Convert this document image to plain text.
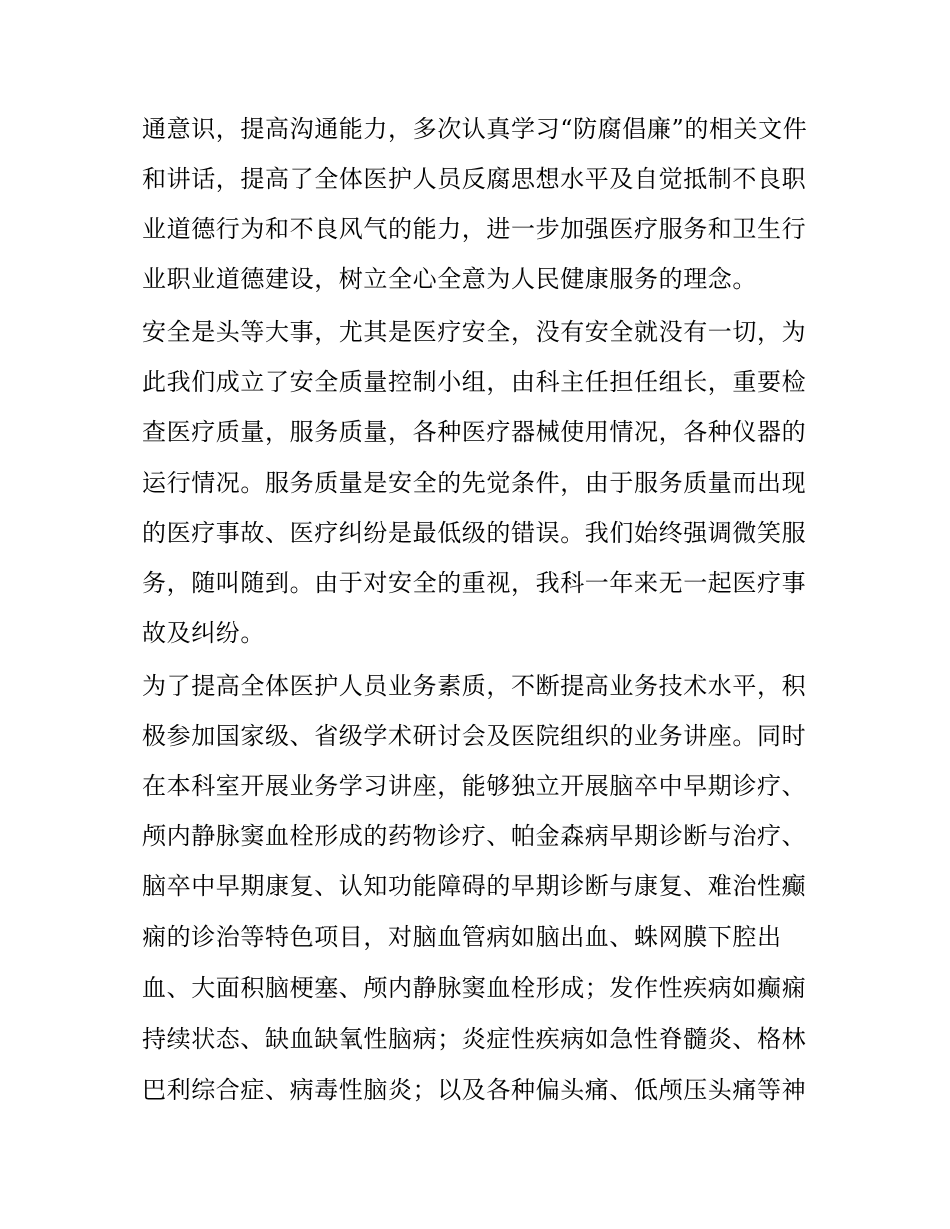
通意识，提高沟通能力，多次认真学习“防腐倡廉”的相关文件
和讲话，提高了全体医护人员反腐思想水平及自觉抵制不良职
业道德行为和不良风气的能力，进一步加强医疗服务和卫生行
业职业道德建设，树立全心全意为人民健康服务的理念。
安全是头等大事，尤其是医疗安全，没有安全就没有一切，为
此我们成立了安全质量控制小组，由科主任担任组长，重要检
查医疗质量，服务质量，各种医疗器械使用情况，各种仪器的
运行情况。服务质量是安全的先觉条件，由于服务质量而出现
的医疗事故、医疗纠纷是最低级的错误。我们始终强调微笑服
务，随叫随到。由于对安全的重视，我科一年来无一起医疗事
故及纠纷。
为了提高全体医护人员业务素质，不断提高业务技术水平，积
极参加国家级、省级学术研讨会及医院组织的业务讲座。同时
在本科室开展业务学习讲座，能够独立开展脑卒中早期诊疗、
颅内静脉窦血栓形成的药物诊疗、帕金森病早期诊断与治疗、
脑卒中早期康复、认知功能障碍的早期诊断与康复、难治性癫
痫的诊治等特色项目，对脑血管病如脑出血、蛛网膜下腔出
血、大面积脑梗塞、颅内静脉窦血栓形成；发作性疾病如癫痫
持续状态、缺血缺氧性脑病；炎症性疾病如急性脊髓炎、格林
巴利综合症、病毒性脑炎；以及各种偏头痛、低颅压头痛等神
